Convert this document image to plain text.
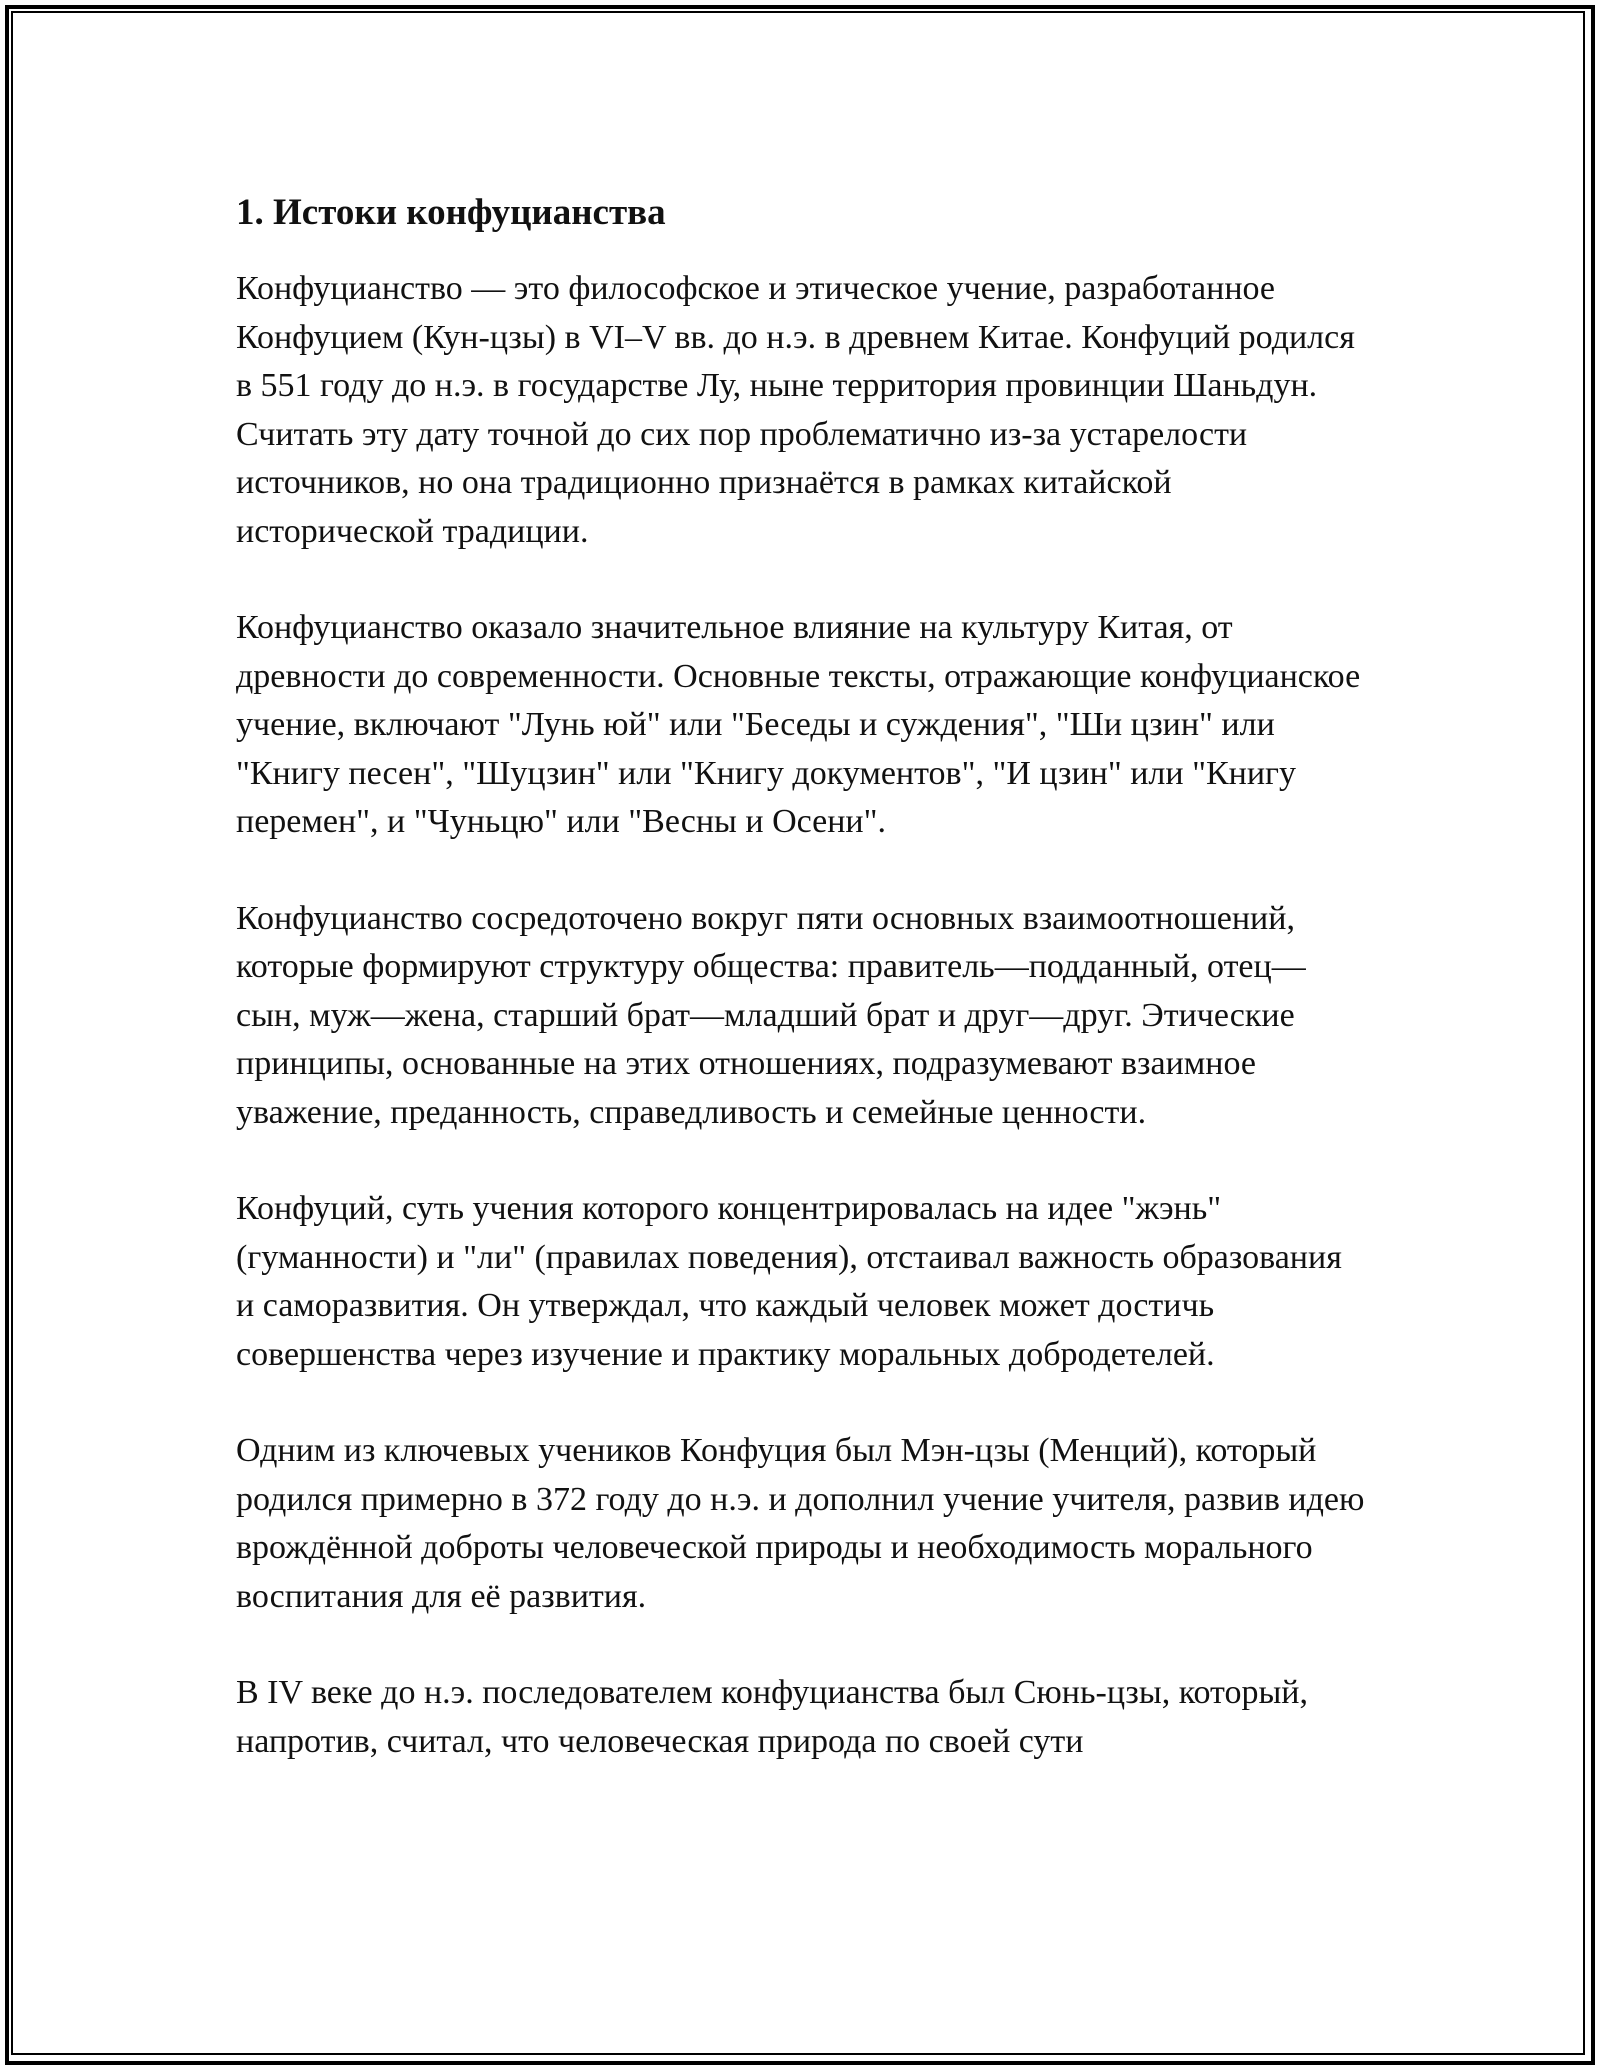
1. Истоки конфуцианства

Конфуцианство — это философское и этическое учение, разработанное Конфуцием (Кун-цзы) в VI–V вв. до н.э. в древнем Китае. Конфуций родился в 551 году до н.э. в государстве Лу, ныне территория провинции Шаньдун. Считать эту дату точной до сих пор проблематично из-за устарелости источников, но она традиционно признаётся в рамках китайской исторической традиции.

Конфуцианство оказало значительное влияние на культуру Китая, от древности до современности. Основные тексты, отражающие конфуцианское учение, включают "Лунь юй" или "Беседы и суждения", "Ши цзин" или "Книгу песен", "Шуцзин" или "Книгу документов", "И цзин" или "Книгу перемен", и "Чуньцю" или "Весны и Осени".

Конфуцианство сосредоточено вокруг пяти основных взаимоотношений, которые формируют структуру общества: правитель—подданный, отец—сын, муж—жена, старший брат—младший брат и друг—друг. Этические принципы, основанные на этих отношениях, подразумевают взаимное уважение, преданность, справедливость и семейные ценности.

Конфуций, суть учения которого концентрировалась на идее "жэнь" (гуманности) и "ли" (правилах поведения), отстаивал важность образования и саморазвития. Он утверждал, что каждый человек может достичь совершенства через изучение и практику моральных добродетелей.

Одним из ключевых учеников Конфуция был Мэн-цзы (Менций), который родился примерно в 372 году до н.э. и дополнил учение учителя, развив идею врождённой доброты человеческой природы и необходимость морального воспитания для её развития.

В IV веке до н.э. последователем конфуцианства был Сюнь-цзы, который, напротив, считал, что человеческая природа по своей сути
